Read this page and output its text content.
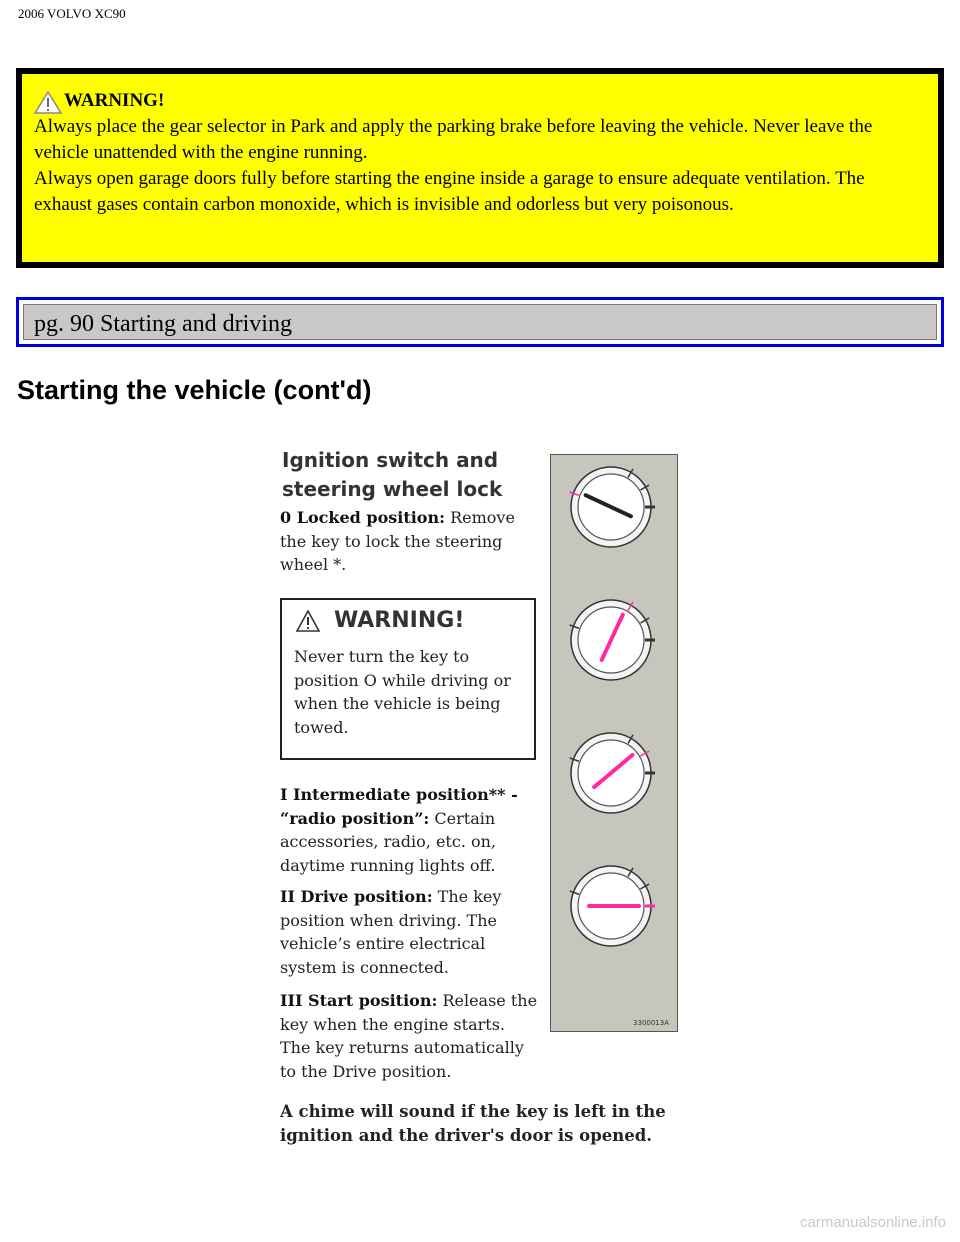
2006 VOLVO XC90
WARNING!
Always place the gear selector in Park and apply the parking brake before leaving the vehicle. Never leave the vehicle unattended with the engine running.
Always open garage doors fully before starting the engine inside a garage to ensure adequate ventilation. The exhaust gases contain carbon monoxide, which is invisible and odorless but very poisonous.
pg. 90 Starting and driving
Starting the vehicle (cont'd)
Ignition switch and
steering wheel lock
0 Locked position: Remove the key to lock the steering wheel *.
WARNING!
Never turn the key to position O while driving or when the vehicle is being towed.
I Intermediate position** - “radio position”: Certain accessories, radio, etc. on, daytime running lights off.
II Drive position: The key position when driving. The vehicle’s entire electrical system is connected.
III Start position: Release the key when the engine starts. The key returns automatically to the Drive position.
3300013A
A chime will sound if the key is left in the ignition and the driver's door is opened.
carmanualsonline.info
